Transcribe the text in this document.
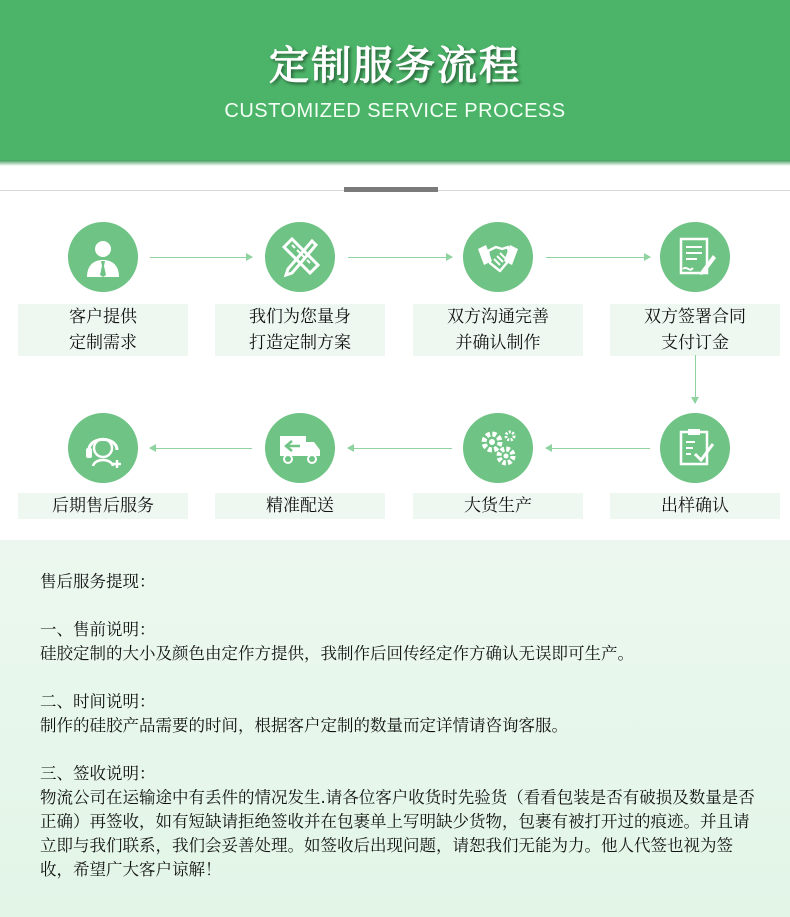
定制服务流程
CUSTOMIZED SERVICE PROCESS
客户提供
定制需求
我们为您量身
打造定制方案
双方沟通完善
并确认制作
双方签署合同
支付订金
出样确认
大货生产
精准配送
后期售后服务

售后服务提现：

一、售前说明：

硅胶定制的大小及颜色由定作方提供，我制作后回传经定作方确认无误即可生产。

二、时间说明：

制作的硅胶产品需要的时间，根据客户定制的数量而定详情请咨询客服。

三、签收说明：

物流公司在运输途中有丢件的情况发生.请各位客户收货时先验货（看看包装是否有破损及数量是否正确）再签收，如有短缺请拒绝签收并在包裹单上写明缺少货物，包裹有被打开过的痕迹。并且请立即与我们联系，我们会妥善处理。如签收后出现问题，请恕我们无能为力。他人代签也视为签收，希望广大客户谅解！
